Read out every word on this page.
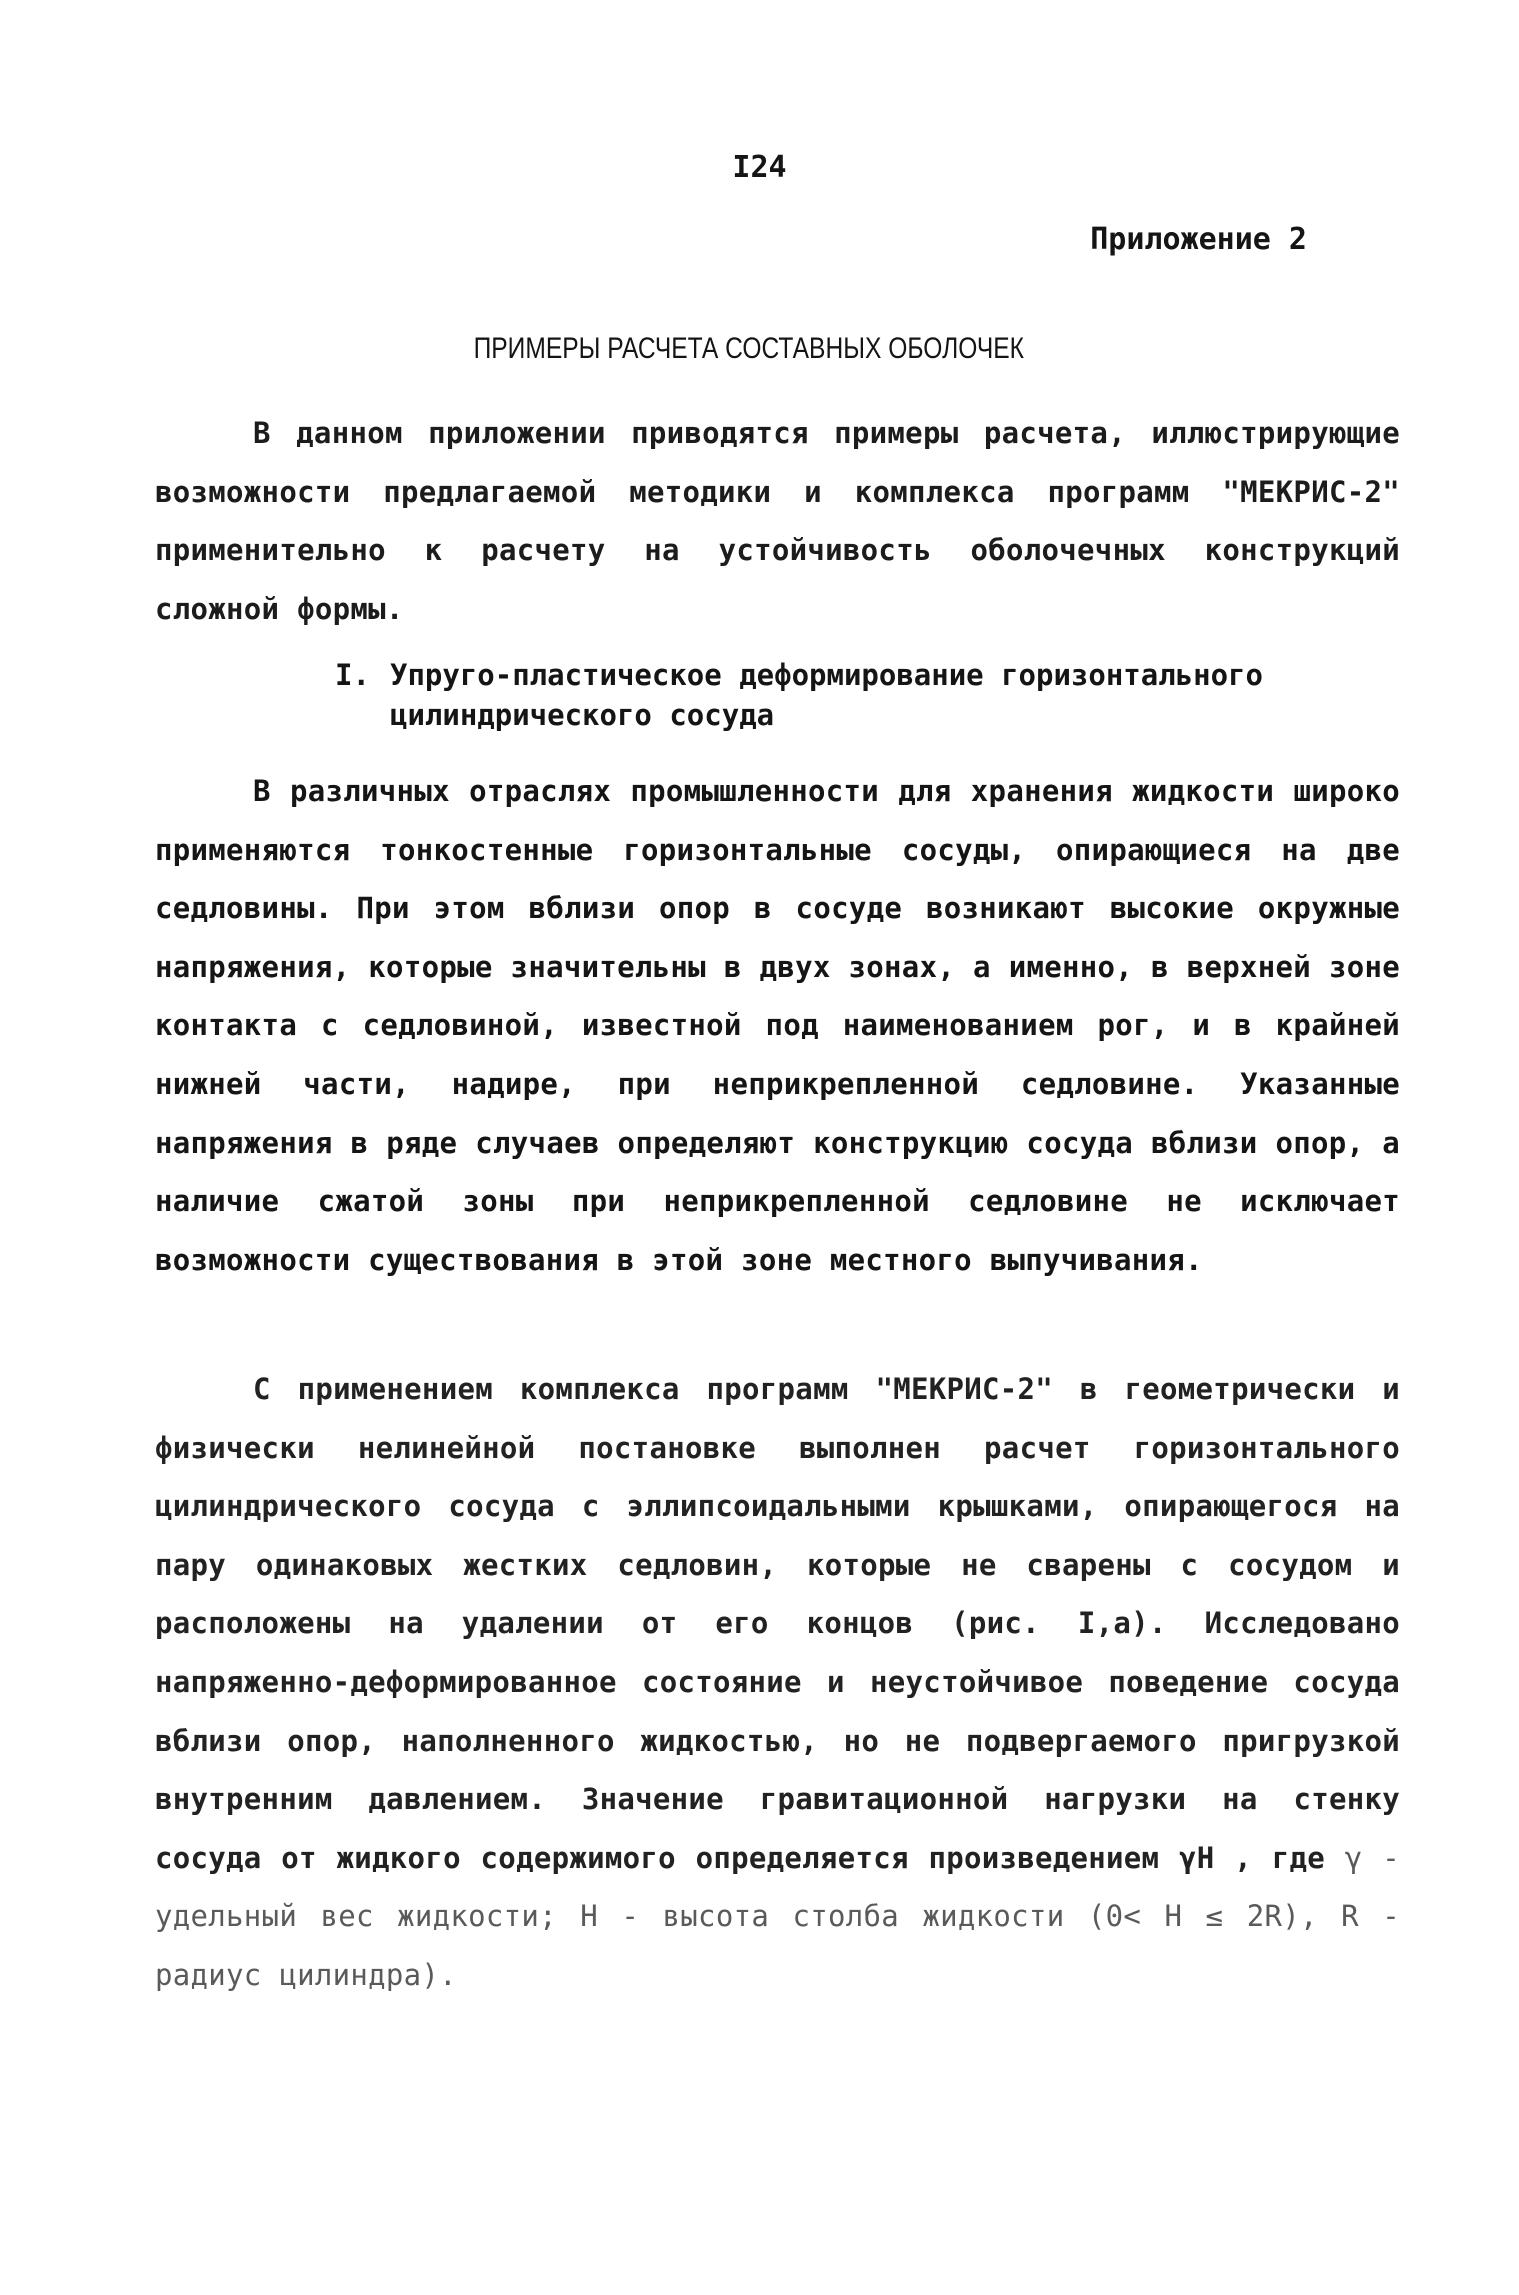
I24
Приложение 2
ПРИМЕРЫ РАСЧЕТА СОСТАВНЫХ ОБОЛОЧЕК

В данном приложении приводятся примеры расчета, иллюстрирующие возможности предлагаемой методики и комплекса программ "МЕКРИС-2" применительно к расчету на устойчивость оболочечных конструкций сложной формы.

I. Упруго-пластическое деформирование горизонтального
цилиндрического сосуда

В различных отраслях промышленности для хранения жидкости широко применяются тонкостенные горизонтальные сосуды, опирающиеся на две седловины. При этом вблизи опор в сосуде возникают высокие окружные напряжения, которые значительны в двух зонах, а именно, в верхней зоне контакта с седловиной, известной под наименованием рог, и в крайней нижней части, надире, при неприкрепленной седловине. Указанные напряжения в ряде случаев определяют конструкцию сосуда вблизи опор, а наличие сжатой зоны при неприкрепленной седловине не исключает возможности существования в этой зоне местного выпучивания.

С применением комплекса программ "МЕКРИС-2" в геометрически и физически нелинейной постановке выполнен расчет горизонтального цилиндрического сосуда с эллипсоидальными крышками, опирающегося на пару одинаковых жестких седловин, которые не сварены с сосудом и расположены на удалении от его концов (рис. I,а). Исследовано напряженно-деформированное состояние и неустойчивое поведение сосуда вблизи опор, наполненного жидкостью, но не подвергаемого пригрузкой внутренним давлением. Значение гравитационной нагрузки на стенку сосуда от жидкого содержимого определяется произведением γH , где γ - удельный вес жидкости; H - высота столба жидкости (0< H ≤ 2R), R - радиус цилиндра).
